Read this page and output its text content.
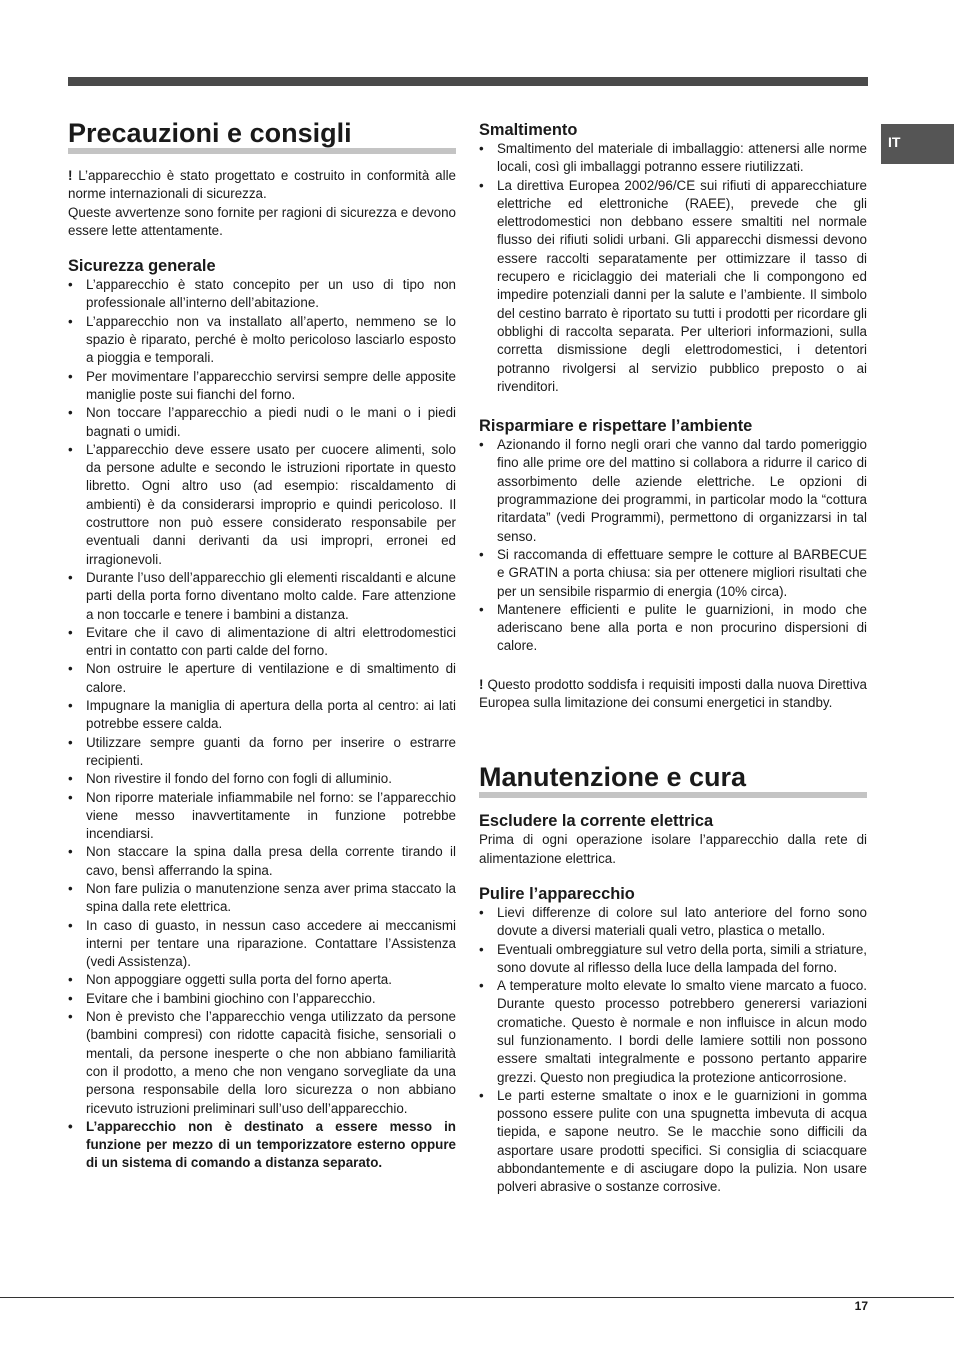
IT
Precauzioni e consigli

! L’apparecchio è stato progettato e costruito in conformità alle norme internazionali di sicurezza.

Queste avvertenze sono fornite per ragioni di sicurezza e devono essere lette attentamente.

Sicurezza generale
• L’apparecchio è stato concepito per un uso di tipo non professionale all’interno dell’abitazione.
• L’apparecchio non va installato all’aperto, nemmeno se lo spazio è riparato, perché è molto pericoloso lasciarlo esposto a pioggia e temporali.
• Per movimentare l’apparecchio servirsi sempre delle apposite maniglie poste sui fianchi del forno.
• Non toccare l’apparecchio a piedi nudi o le mani o i piedi bagnati o umidi.
• L’apparecchio deve essere usato per cuocere alimenti, solo da persone adulte e secondo le istruzioni riportate in questo libretto. Ogni altro uso (ad esempio: riscaldamento di ambienti) è da considerarsi improprio e quindi pericoloso. Il costruttore non può essere considerato responsabile per eventuali danni derivanti da usi impropri, erronei ed irragionevoli.
• Durante l’uso dell’apparecchio gli elementi riscaldanti e alcune parti della porta forno diventano molto calde. Fare attenzione a non toccarle e tenere i bambini a distanza.
• Evitare che il cavo di alimentazione di altri elettrodomestici entri in contatto con parti calde del forno.
• Non ostruire le aperture di ventilazione e di smaltimento di calore.
• Impugnare la maniglia di apertura della porta al centro: ai lati potrebbe essere calda.
• Utilizzare sempre guanti da forno per inserire o estrarre recipienti.
• Non rivestire il fondo del forno con fogli di alluminio.
• Non riporre materiale infiammabile nel forno: se l’apparecchio viene messo inavvertitamente in funzione potrebbe incendiarsi.
• Non staccare la spina dalla presa della corrente tirando il cavo, bensì afferrando la spina.
• Non fare pulizia o manutenzione senza aver prima staccato la spina dalla rete elettrica.
• In caso di guasto, in nessun caso accedere ai meccanismi interni per tentare una riparazione. Contattare l’Assistenza (vedi Assistenza).
• Non appoggiare oggetti sulla porta del forno aperta.
• Evitare che i bambini giochino con l’apparecchio.
• Non è previsto che l’apparecchio venga utilizzato da persone (bambini compresi) con ridotte capacità fisiche, sensoriali o mentali, da persone inesperte o che non abbiano familiarità con il prodotto, a meno che non vengano sorvegliate da una persona responsabile della loro sicurezza o non abbiano ricevuto istruzioni preliminari sull’uso dell’apparecchio.
• L’apparecchio non è destinato a essere messo in funzione per mezzo di un temporizzatore esterno oppure di un sistema di comando a distanza separato.
Smaltimento
• Smaltimento del materiale di imballaggio: attenersi alle norme locali, così gli imballaggi potranno essere riutilizzati.
• La direttiva Europea 2002/96/CE sui rifiuti di apparecchiature elettriche ed elettroniche (RAEE), prevede che gli elettrodomestici non debbano essere smaltiti nel normale flusso dei rifiuti solidi urbani. Gli apparecchi dismessi devono essere raccolti separatamente per ottimizzare il tasso di recupero e riciclaggio dei materiali che li compongono ed impedire potenziali danni per la salute e l’ambiente. Il simbolo del cestino barrato è riportato su tutti i prodotti per ricordare gli obblighi di raccolta separata. Per ulteriori informazioni, sulla corretta dismissione degli elettrodomestici, i detentori potranno rivolgersi al servizio pubblico preposto o ai rivenditori.
Risparmiare e rispettare l’ambiente
• Azionando il forno negli orari che vanno dal tardo pomeriggio fino alle prime ore del mattino si collabora a ridurre il carico di assorbimento delle aziende elettriche. Le opzioni di programmazione dei programmi, in particolar modo la “cottura ritardata” (vedi Programmi), permettono di organizzarsi in tal senso.
• Si raccomanda di effettuare sempre le cotture al BARBECUE e GRATIN a porta chiusa: sia per ottenere migliori risultati che per un sensibile risparmio di energia (10% circa).
• Mantenere efficienti e pulite le guarnizioni, in modo che aderiscano bene alla porta e non procurino dispersioni di calore.

! Questo prodotto soddisfa i requisiti imposti dalla nuova Direttiva Europea sulla limitazione dei consumi energetici in standby.

Manutenzione e cura
Escludere la corrente elettrica

Prima di ogni operazione isolare l’apparecchio dalla rete di alimentazione elettrica.

Pulire l’apparecchio
• Lievi differenze di colore sul lato anteriore del forno sono dovute a diversi materiali quali vetro, plastica o metallo.
• Eventuali ombreggiature sul vetro della porta, simili a striature, sono dovute al riflesso della luce della lampada del forno.
• A temperature molto elevate lo smalto viene marcato a fuoco. Durante questo processo potrebbero generersi variazioni cromatiche. Questo è normale e non influisce in alcun modo sul funzionamento. I bordi delle lamiere sottili non possono essere smaltati integralmente e possono pertanto apparire grezzi. Questo non pregiudica la protezione anticorrosione.
• Le parti esterne smaltate o inox e le guarnizioni in gomma possono essere pulite con una spugnetta imbevuta di acqua tiepida, e sapone neutro. Se le macchie sono difficili da asportare usare prodotti specifici. Si consiglia di sciacquare abbondantemente e di asciugare dopo la pulizia. Non usare polveri abrasive o sostanze corrosive.
17
